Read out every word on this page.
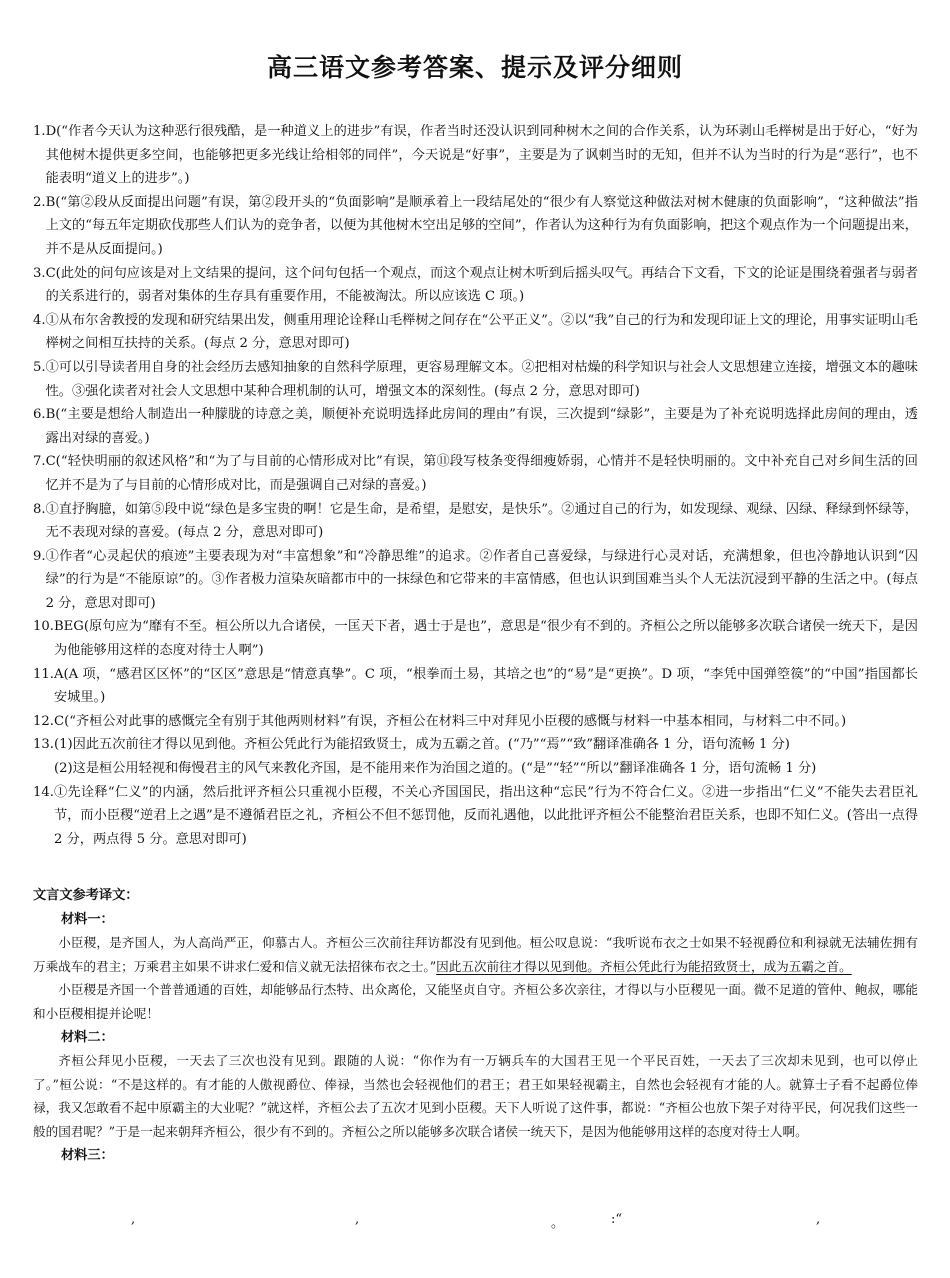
高三语文参考答案、提示及评分细则
1. D(“作者今天认为这种恶行很残酷，是一种道义上的进步”有误，作者当时还没认识到同种树木之间的合作关系，认为环剥山毛榉树是出于好心，“好为其他树木提供更多空间，也能够把更多光线让给相邻的同伴”，今天说是“好事”，主要是为了讽刺当时的无知，但并不认为当时的行为是“恶行”，也不能表明“道义上的进步”。)
2. B(“第②段从反面提出问题”有误，第②段开头的“负面影响”是顺承着上一段结尾处的“很少有人察觉这种做法对树木健康的负面影响”，“这种做法”指上文的“每五年定期砍伐那些人们认为的竞争者，以便为其他树木空出足够的空间”，作者认为这种行为有负面影响，把这个观点作为一个问题提出来，并不是从反面提问。)
3. C(此处的问句应该是对上文结果的提问，这个问句包括一个观点，而这个观点让树木听到后摇头叹气。再结合下文看，下文的论证是围绕着强者与弱者的关系进行的，弱者对集体的生存具有重要作用，不能被淘汰。所以应该选 C 项。)
4. ①从布尔舍教授的发现和研究结果出发，侧重用理论诠释山毛榉树之间存在“公平正义”。②以“我”自己的行为和发现印证上文的理论，用事实证明山毛榉树之间相互扶持的关系。(每点 2 分，意思对即可)
5. ①可以引导读者用自身的社会经历去感知抽象的自然科学原理，更容易理解文本。②把相对枯燥的科学知识与社会人文思想建立连接，增强文本的趣味性。③强化读者对社会人文思想中某种合理机制的认可，增强文本的深刻性。(每点 2 分，意思对即可)
6. B(“主要是想给人制造出一种朦胧的诗意之美，顺便补充说明选择此房间的理由”有误，三次提到“绿影”，主要是为了补充说明选择此房间的理由，透露出对绿的喜爱。)
7. C(“轻快明丽的叙述风格”和“为了与目前的心情形成对比”有误，第⑪段写枝条变得细瘦娇弱，心情并不是轻快明丽的。文中补充自己对乡间生活的回忆并不是为了与目前的心情形成对比，而是强调自己对绿的喜爱。)
8. ①直抒胸臆，如第⑤段中说“绿色是多宝贵的啊！它是生命，是希望，是慰安，是快乐”。②通过自己的行为，如发现绿、观绿、囚绿、释绿到怀绿等，无不表现对绿的喜爱。(每点 2 分，意思对即可)
9. ①作者“心灵起伏的痕迹”主要表现为对“丰富想象”和“冷静思维”的追求。②作者自己喜爱绿，与绿进行心灵对话，充满想象，但也冷静地认识到“囚绿”的行为是“不能原谅”的。③作者极力渲染灰暗都市中的一抹绿色和它带来的丰富情感，但也认识到国难当头个人无法沉浸到平静的生活之中。(每点 2 分，意思对即可)
10. BEG(原句应为“靡有不至。桓公所以九合诸侯，一匡天下者，遇士于是也”，意思是“很少有不到的。齐桓公之所以能够多次联合诸侯一统天下，是因为他能够用这样的态度对待士人啊”)
11. A(A 项，“感君区区怀”的“区区”意思是“情意真挚”。C 项，“根拳而土易，其培之也”的“易”是“更换”。D 项，“李凭中国弹箜篌”的“中国”指国都长安城里。)
12. C(“齐桓公对此事的感慨完全有别于其他两则材料”有误，齐桓公在材料三中对拜见小臣稷的感慨与材料一中基本相同，与材料二中不同。)
13. (1)因此五次前往才得以见到他。齐桓公凭此行为能招致贤士，成为五霸之首。(“乃”“焉”“致”翻译准确各 1 分，语句流畅 1 分)
(2)这是桓公用轻视和侮慢君主的风气来教化齐国，是不能用来作为治国之道的。(“是”“轻”“所以”翻译准确各 1 分，语句流畅 1 分)
14. ①先诠释“仁义”的内涵，然后批评齐桓公只重视小臣稷，不关心齐国国民，指出这种“忘民”行为不符合仁义。②进一步指出“仁义”不能失去君臣礼节，而小臣稷“逆君上之遇”是不遵循君臣之礼，齐桓公不但不惩罚他，反而礼遇他，以此批评齐桓公不能整治君臣关系，也即不知仁义。(答出一点得 2 分，两点得 5 分。意思对即可)
文言文参考译文：
材料一：
小臣稷，是齐国人，为人高尚严正，仰慕古人。齐桓公三次前往拜访都没有见到他。桓公叹息说：“我听说布衣之士如果不轻视爵位和利禄就无法辅佐拥有万乘战车的君主；万乘君主如果不讲求仁爱和信义就无法招徕布衣之士。”因此五次前往才得以见到他。齐桓公凭此行为能招致贤士，成为五霸之首。
小臣稷是齐国一个普普通通的百姓，却能够品行杰特、出众离伦，又能坚贞自守。齐桓公多次亲往，才得以与小臣稷见一面。微不足道的管仲、鲍叔，哪能和小臣稷相提并论呢！
材料二：
齐桓公拜见小臣稷，一天去了三次也没有见到。跟随的人说：“你作为有一万辆兵车的大国君王见一个平民百姓，一天去了三次却未见到，也可以停止了。”桓公说：“不是这样的。有才能的人傲视爵位、俸禄，当然也会轻视他们的君王；君王如果轻视霸主，自然也会轻视有才能的人。就算士子看不起爵位俸禄，我又怎敢看不起中原霸主的大业呢？”就这样，齐桓公去了五次才见到小臣稷。天下人听说了这件事，都说：“齐桓公也放下架子对待平民，何况我们这些一般的国君呢？”于是一起来朝拜齐桓公，很少有不到的。齐桓公之所以能够多次联合诸侯一统天下，是因为他能够用这样的态度对待士人啊。
材料三：
,	,	。	:“	,
